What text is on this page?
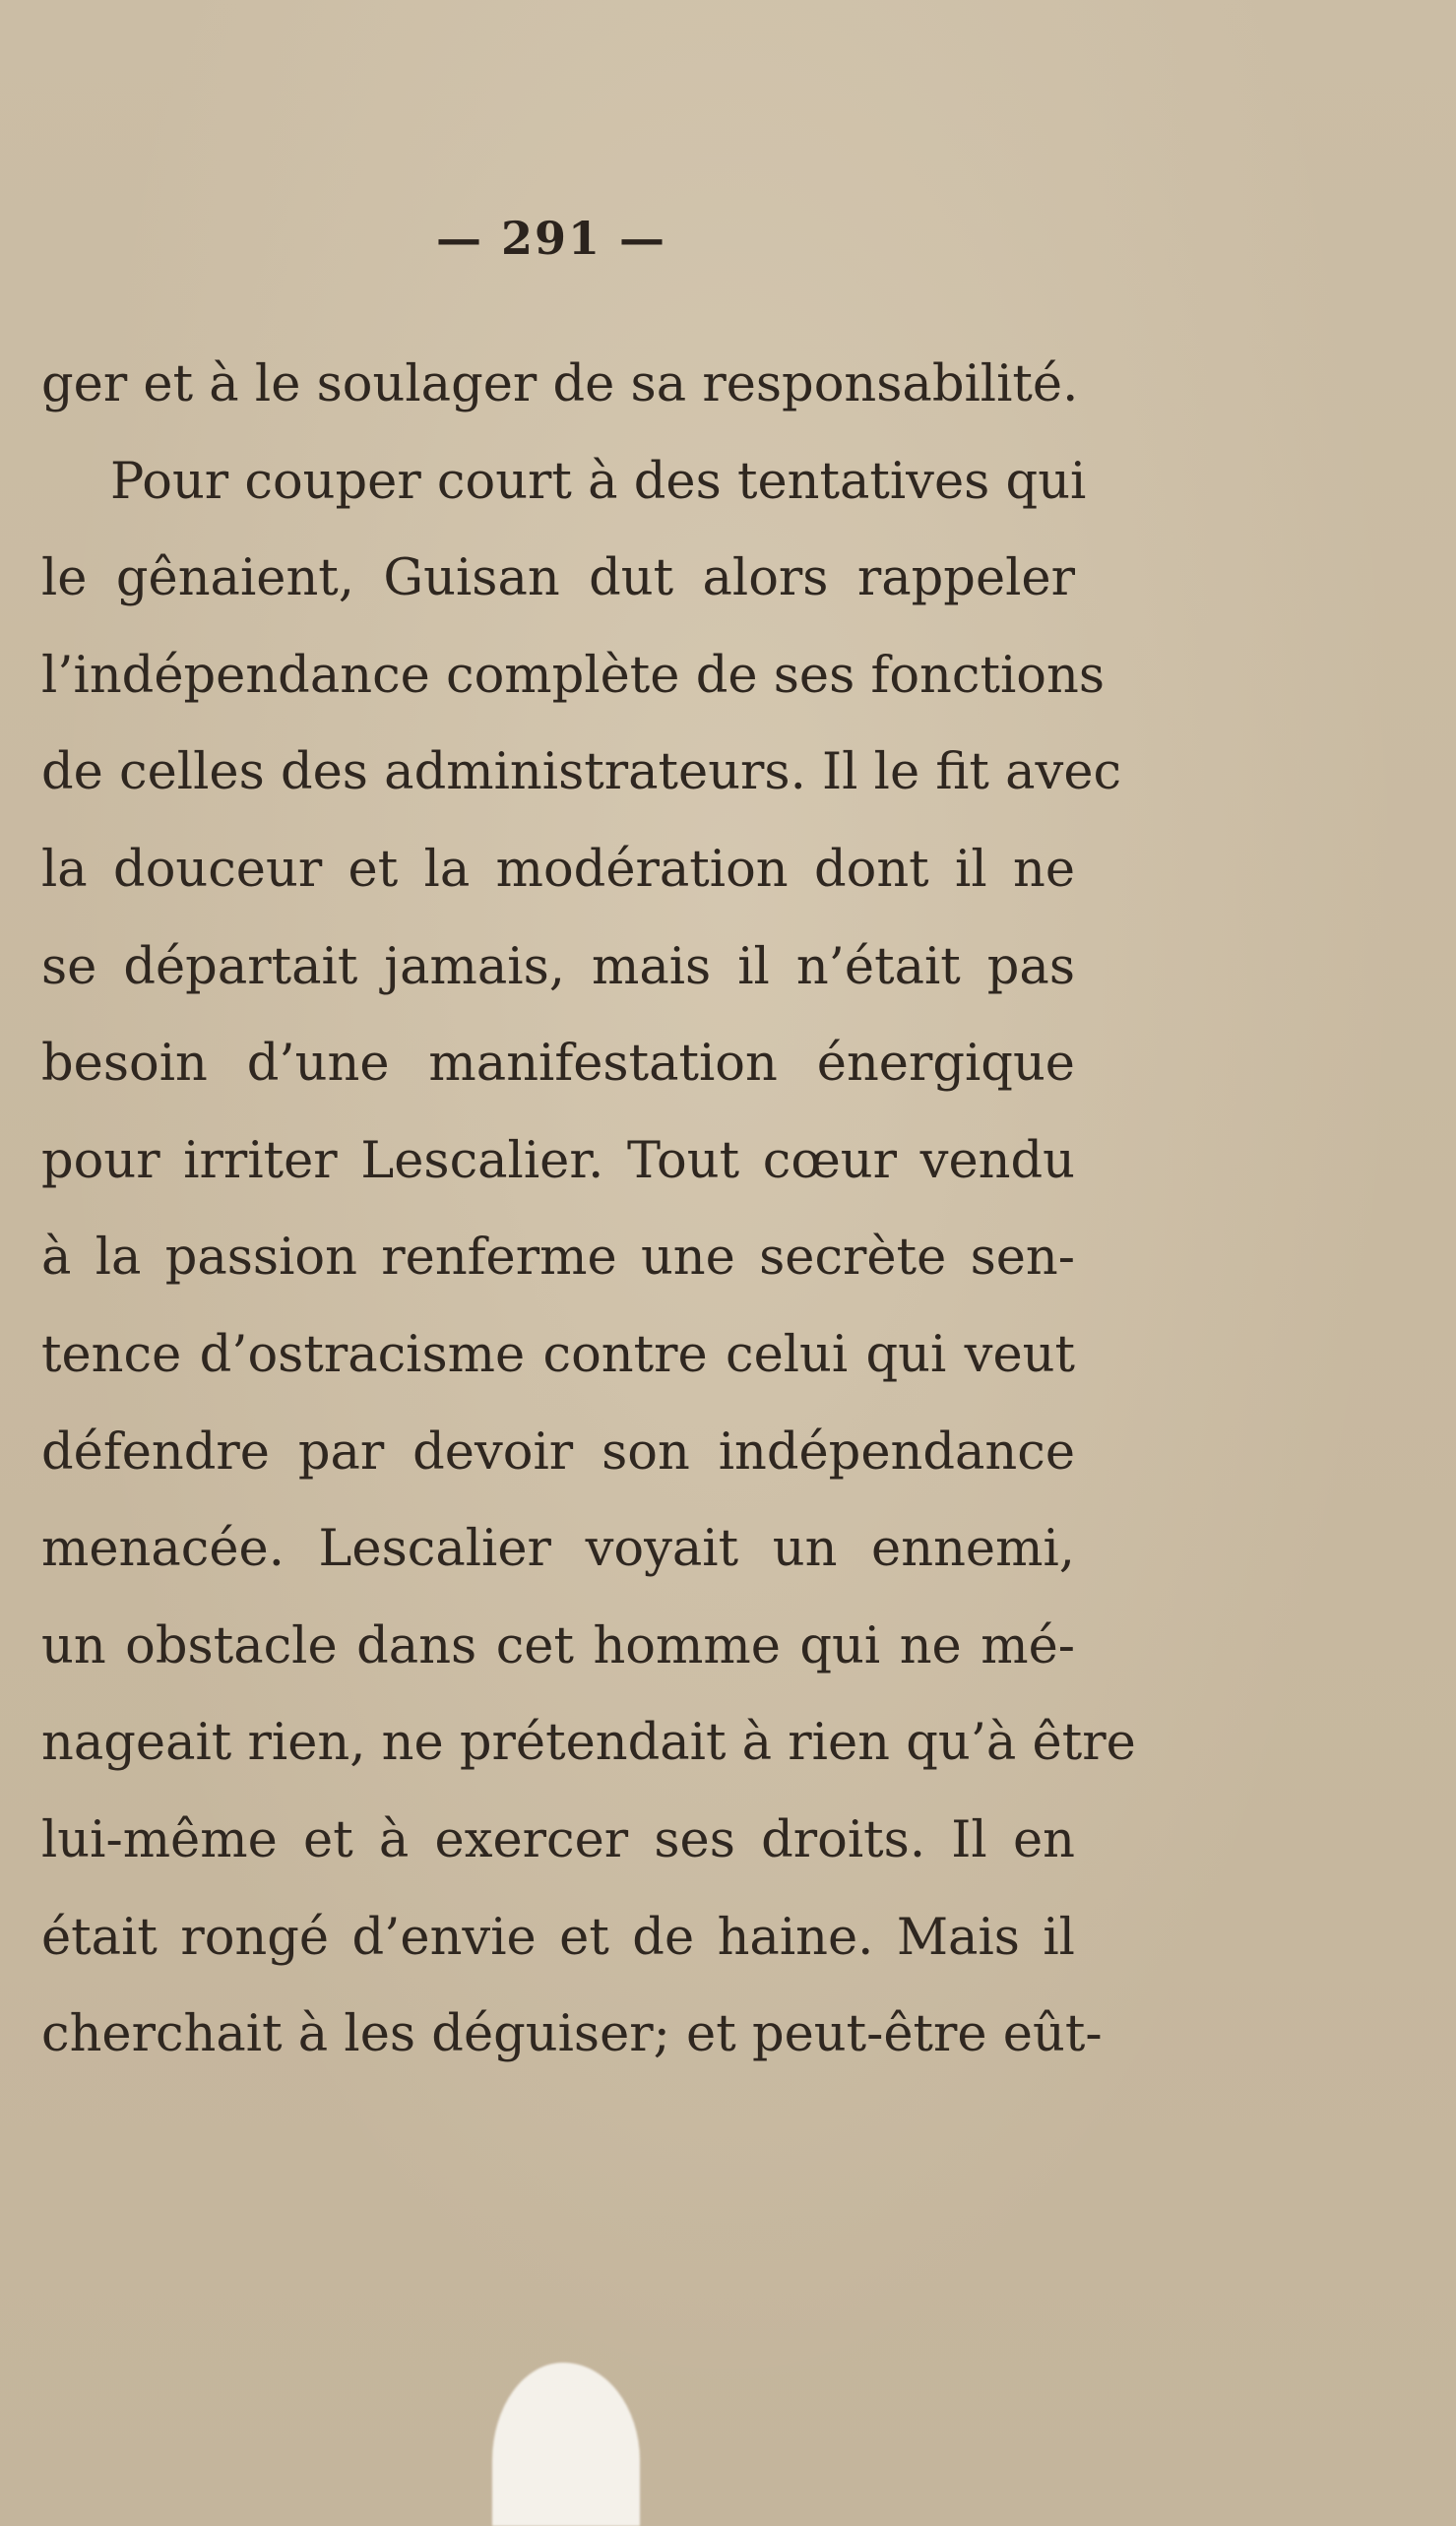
— 291 —
ger et à le soulager de sa responsabilité.
Pour couper court à des tentatives qui
le gênaient, Guisan dut alors rappeler
l’indépendance complète de ses fonctions
de celles des administrateurs. Il le fit avec
la douceur et la modération dont il ne
se départait jamais, mais il n’était pas
besoin d’une manifestation énergique
pour irriter Lescalier. Tout cœur vendu
à la passion renferme une secrète sen-
tence d’ostracisme contre celui qui veut
défendre par devoir son indépendance
menacée. Lescalier voyait un ennemi,
un obstacle dans cet homme qui ne mé-
nageait rien, ne prétendait à rien qu’à être
lui-même et à exercer ses droits. Il en
était rongé d’envie et de haine. Mais il
cherchait à les déguiser; et peut-être eût-
